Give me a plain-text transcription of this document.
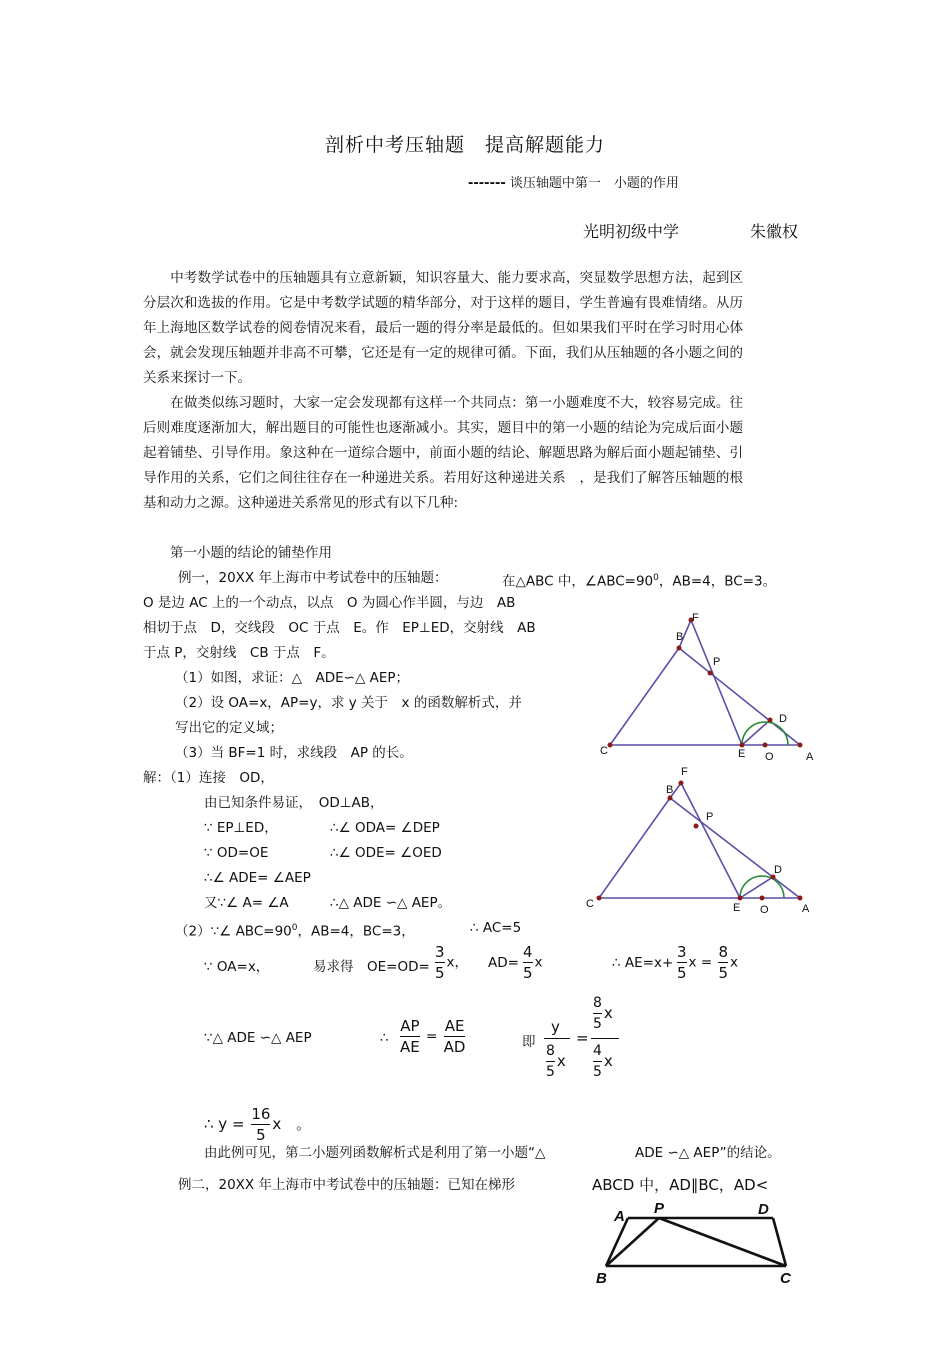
剖析中考压轴题　提高解题能力
------- 谈压轴题中第一　小题的作用
光明初级中学	朱徽权
　　中考数学试卷中的压轴题具有立意新颖，知识容量大、能力要求高，突显数学思想方法，起到区分层次和选拔的作用。它是中考数学试题的精华部分，对于这样的题目，学生普遍有畏难情绪。从历年上海地区数学试卷的阅卷情况来看，最后一题的得分率是最低的。但如果我们平时在学习时用心体会，就会发现压轴题并非高不可攀，它还是有一定的规律可循。下面，我们从压轴题的各小题之间的关系来探讨一下。
　　在做类似练习题时，大家一定会发现都有这样一个共同点：第一小题难度不大，较容易完成。往后则难度逐渐加大，解出题目的可能性也逐渐减小。其实，题目中的第一小题的结论为完成后面小题起着铺垫、引导作用。象这种在一道综合题中，前面小题的结论、解题思路为解后面小题起铺垫、引导作用的关系，它们之间往往存在一种递进关系。若用好这种递进关系　，是我们了解答压轴题的根基和动力之源。这种递进关系常见的形式有以下几种:
第一小题的结论的铺垫作用
例一，20XX 年上海市中考试卷中的压轴题：	在△ABC 中，$\angle ABC=90^0$，AB=4，BC=3。
O 是边 AC 上的一个动点，以点　O 为圆心作半圆，与边　AB
相切于点　D，交线段　OC 于点　E。作　EP⊥ED，交射线　AB
于点 P，交射线　CB 于点　F。
（1）如图，求证：△　ADE∽△ AEP；
（2）设 OA=x，AP=y，求 y 关于　x 的函数解析式，并
写出它的定义域；
（3）当 BF=1 时，求线段　AP 的长。
F
B
P
D
C	E O	A
解：（1）连接　OD，
由已知条件易证，　OD⊥AB，
∵ EP⊥ED，	∴∠ ODA= ∠DEP
∵ OD=OE	∴∠ ODE= ∠OED
∴∠ ADE= ∠AEP
又∵∠ A= ∠A	∴△ ADE ∽△ AEP。
F
B
P
D
C	E O	A
（2）∵∠ $ABC=90^0$，AB=4，BC=3，	∴ AC=5
∵ OA=x，	易求得　$OE=OD= \frac{3}{5}$ x， $AD= \frac{4}{5}$ x	∴ $AE=x+ \frac{3}{5}$ $x = \frac{8}{5}$ x
∵△ ADE ∽△ AEP	∴ $\frac{AP}{AE} = \frac{AE}{AD}$	即
y
$\frac{8}{5}$ x
=
$\frac{8}{5}$ x
$\frac{4}{5}$ x
∴ $y = \frac{16}{5}$ x 。
由此例可见，第二小题列函数解析式是利用了第一小题“△	ADE ∽△ AEP”的结论。
例二，20XX 年上海市中考试卷中的压轴题：已知在梯形	ABCD 中，AD∥BC，AD<
A P	D
B	C
